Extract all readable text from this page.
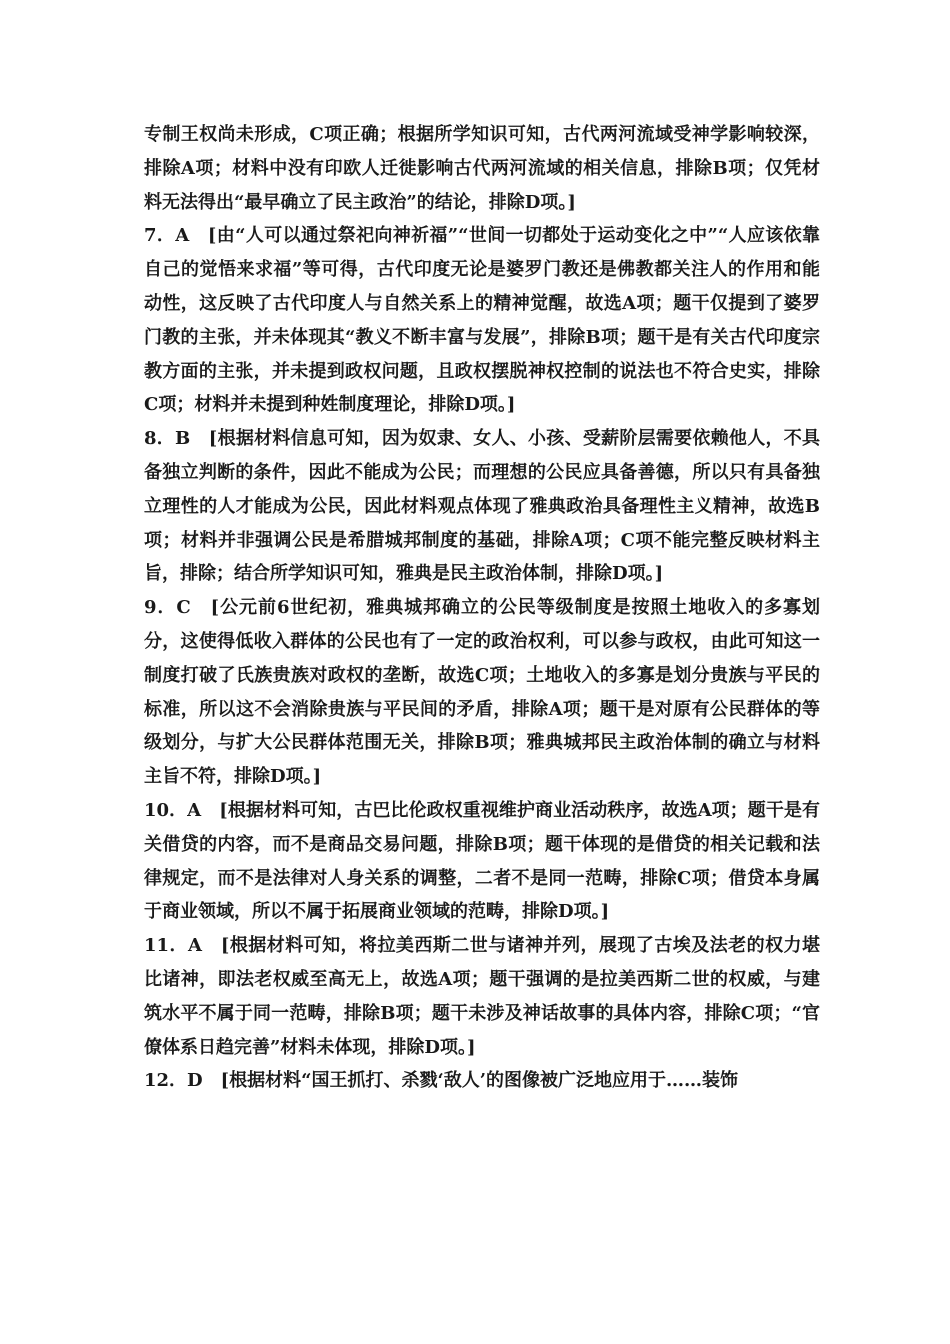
专制王权尚未形成，C项正确；根据所学知识可知，古代两河流域受神学影响较深，排除A项；材料中没有印欧人迁徙影响古代两河流域的相关信息，排除B项；仅凭材料无法得出“最早确立了民主政治”的结论，排除D项。]

7．A　[由“人可以通过祭祀向神祈福”“世间一切都处于运动变化之中”“人应该依靠自己的觉悟来求福”等可得，古代印度无论是婆罗门教还是佛教都关注人的作用和能动性，这反映了古代印度人与自然关系上的精神觉醒，故选A项；题干仅提到了婆罗门教的主张，并未体现其“教义不断丰富与发展”，排除B项；题干是有关古代印度宗教方面的主张，并未提到政权问题，且政权摆脱神权控制的说法也不符合史实，排除C项；材料并未提到种姓制度理论，排除D项。]

8．B　[根据材料信息可知，因为奴隶、女人、小孩、受薪阶层需要依赖他人，不具备独立判断的条件，因此不能成为公民；而理想的公民应具备善德，所以只有具备独立理性的人才能成为公民，因此材料观点体现了雅典政治具备理性主义精神，故选B项；材料并非强调公民是希腊城邦制度的基础，排除A项；C项不能完整反映材料主旨，排除；结合所学知识可知，雅典是民主政治体制，排除D项。]

9．C　[公元前6世纪初，雅典城邦确立的公民等级制度是按照土地收入的多寡划分，这使得低收入群体的公民也有了一定的政治权利，可以参与政权，由此可知这一制度打破了氏族贵族对政权的垄断，故选C项；土地收入的多寡是划分贵族与平民的标准，所以这不会消除贵族与平民间的矛盾，排除A项；题干是对原有公民群体的等级划分，与扩大公民群体范围无关，排除B项；雅典城邦民主政治体制的确立与材料主旨不符，排除D项。]

10．A　[根据材料可知，古巴比伦政权重视维护商业活动秩序，故选A项；题干是有关借贷的内容，而不是商品交易问题，排除B项；题干体现的是借贷的相关记载和法律规定，而不是法律对人身关系的调整，二者不是同一范畴，排除C项；借贷本身属于商业领域，所以不属于拓展商业领域的范畴，排除D项。]

11．A　[根据材料可知，将拉美西斯二世与诸神并列，展现了古埃及法老的权力堪比诸神，即法老权威至高无上，故选A项；题干强调的是拉美西斯二世的权威，与建筑水平不属于同一范畴，排除B项；题干未涉及神话故事的具体内容，排除C项；“官僚体系日趋完善”材料未体现，排除D项。]

12．D　[根据材料“国王抓打、杀戮‘敌人’的图像被广泛地应用于……装饰
